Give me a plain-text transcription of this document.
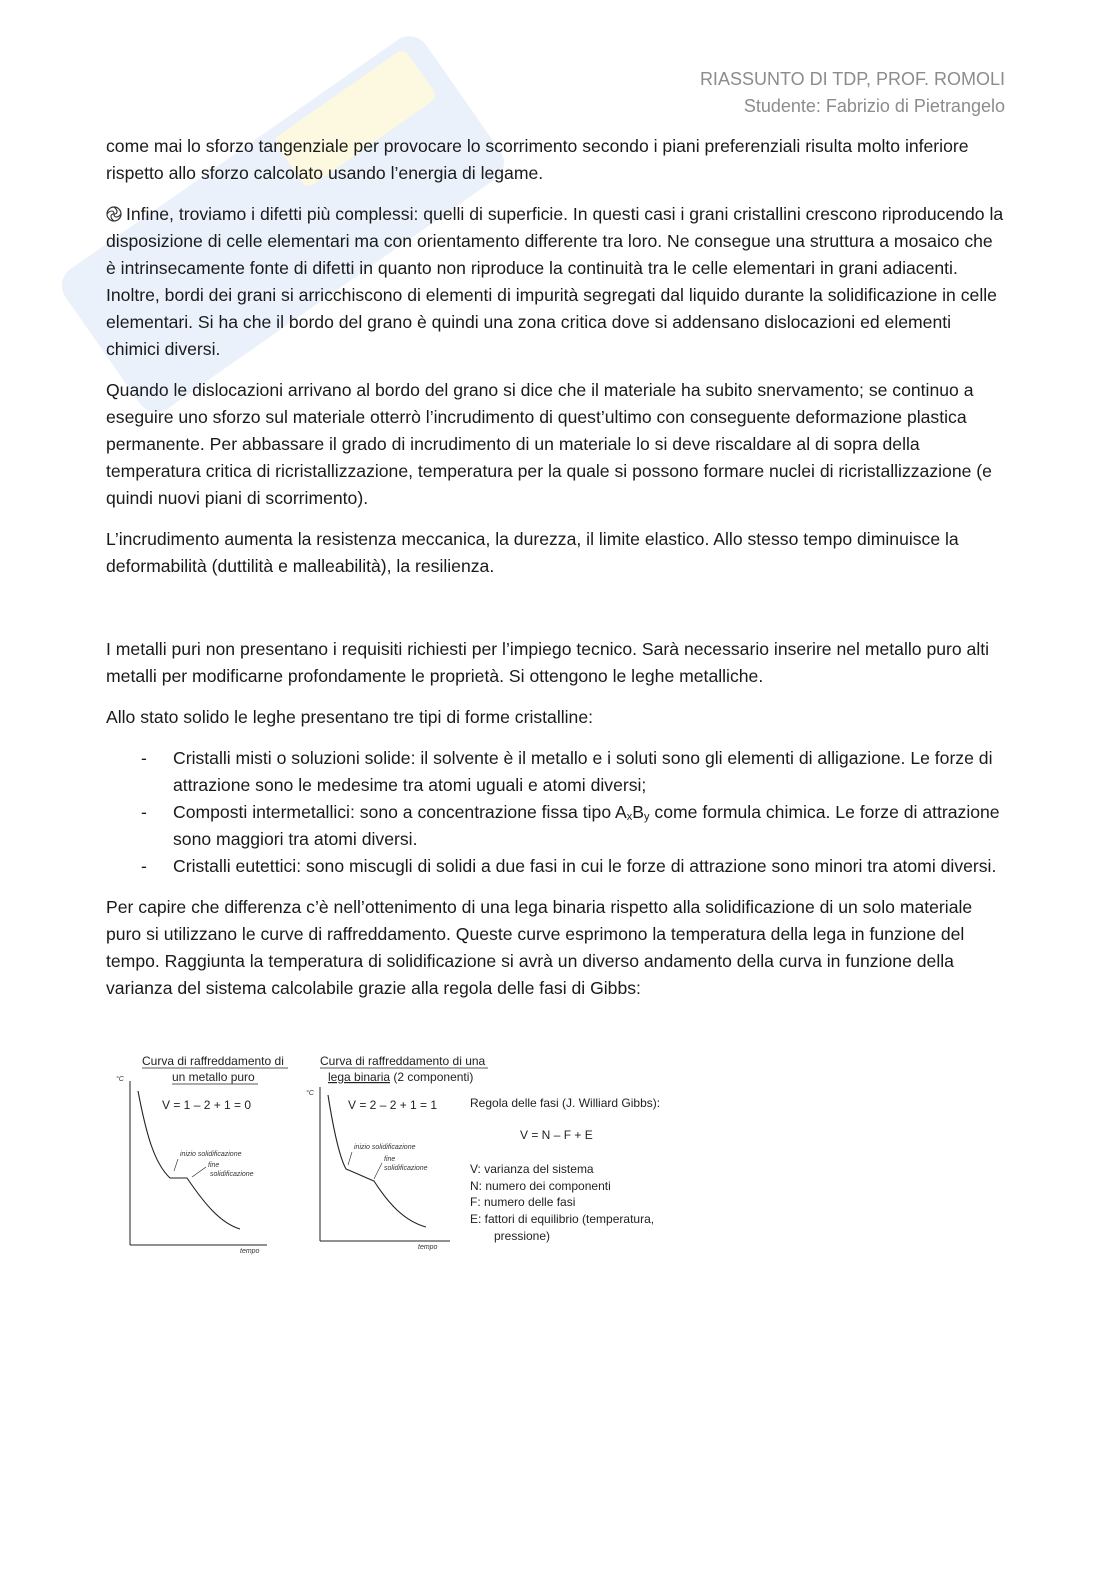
RIASSUNTO DI TDP, PROF. ROMOLI
Studente: Fabrizio di Pietrangelo

come mai lo sforzo tangenziale per provocare lo scorrimento secondo i piani preferenziali risulta molto inferiore rispetto allo sforzo calcolato usando l’energia di legame.

Infine, troviamo i difetti più complessi: quelli di superficie. In questi casi i grani cristallini crescono riproducendo la disposizione di celle elementari ma con orientamento differente tra loro. Ne consegue una struttura a mosaico che è intrinsecamente fonte di difetti in quanto non riproduce la continuità tra le celle elementari in grani adiacenti. Inoltre, bordi dei grani si arricchiscono di elementi di impurità segregati dal liquido durante la solidificazione in celle elementari. Si ha che il bordo del grano è quindi una zona critica dove si addensano dislocazioni ed elementi chimici diversi.

Quando le dislocazioni arrivano al bordo del grano si dice che il materiale ha subito snervamento; se continuo a eseguire uno sforzo sul materiale otterrò l’incrudimento di quest’ultimo con conseguente deformazione plastica permanente. Per abbassare il grado di incrudimento di un materiale lo si deve riscaldare al di sopra della temperatura critica di ricristallizzazione, temperatura per la quale si possono formare nuclei di ricristallizzazione (e quindi nuovi piani di scorrimento).

L’incrudimento aumenta la resistenza meccanica, la durezza, il limite elastico. Allo stesso tempo diminuisce la deformabilità (duttilità e malleabilità), la resilienza.

I metalli puri non presentano i requisiti richiesti per l’impiego tecnico. Sarà necessario inserire nel metallo puro alti metalli per modificarne profondamente le proprietà. Si ottengono le leghe metalliche.

Allo stato solido le leghe presentano tre tipi di forme cristalline:

- Cristalli misti o soluzioni solide: il solvente è il metallo e i soluti sono gli elementi di alligazione. Le forze di attrazione sono le medesime tra atomi uguali e atomi diversi;
- Composti intermetallici: sono a concentrazione fissa tipo $A_xB_y$ come formula chimica. Le forze di attrazione sono maggiori tra atomi diversi.
- Cristalli eutettici: sono miscugli di solidi a due fasi in cui le forze di attrazione sono minori tra atomi diversi.

Per capire che differenza c’è nell’ottenimento di una lega binaria rispetto alla solidificazione di un solo materiale puro si utilizzano le curve di raffreddamento. Queste curve esprimono la temperatura della lega in funzione del tempo. Raggiunta la temperatura di solidificazione si avrà un diverso andamento della curva in funzione della varianza del sistema calcolabile grazie alla regola delle fasi di Gibbs:

Curva di raffreddamento di
un metallo puro
°C
tempo
V = 1 – 2 + 1 = 0
inizio solidificazione
fine
solidificazione
Curva di raffreddamento di una
lega binaria (2 componenti)
°C
tempo
V = 2 – 2 + 1 = 1
inizio solidificazione
fine
solidificazione
Regola delle fasi (J. Williard Gibbs):
V = N – F + E
V: varianza del sistema
N: numero dei componenti
F: numero delle fasi
E: fattori di equilibrio (temperatura,
pressione)
